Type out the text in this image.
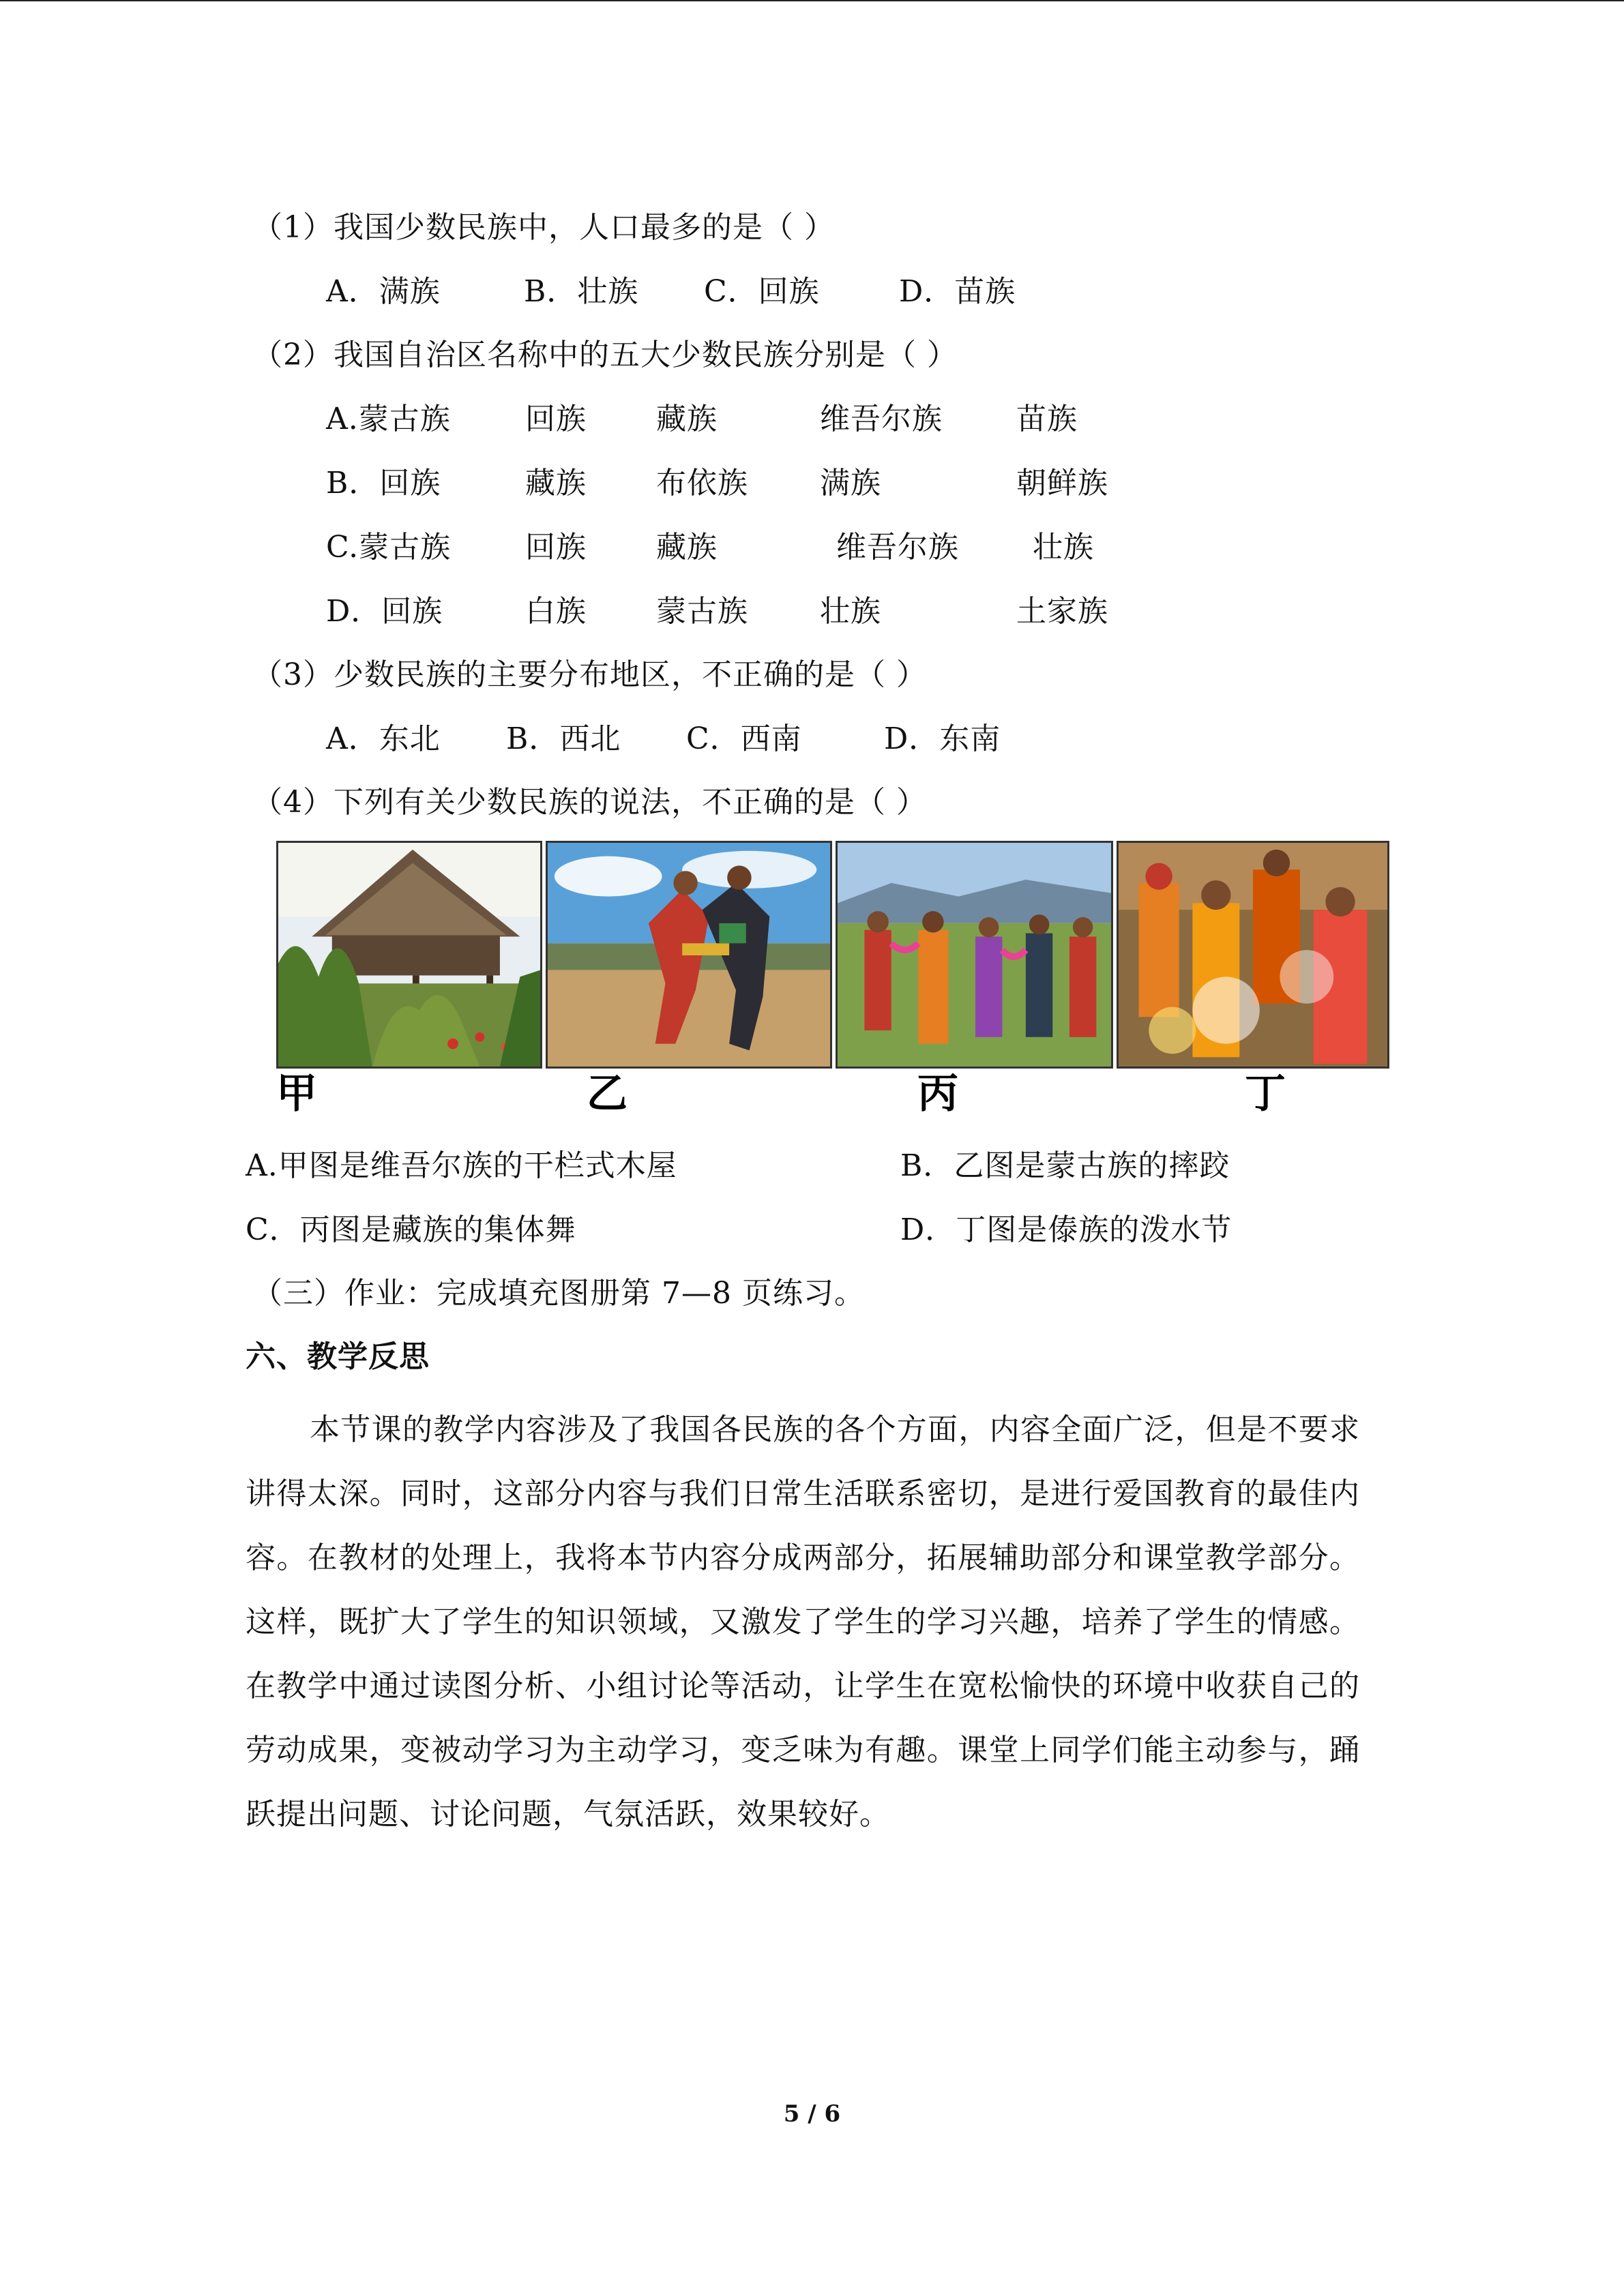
（1）我国少数民族中，人口最多的是（ ）
A．满族	B．壮族 C．回族	D．苗族
（2）我国自治区名称中的五大少数民族分别是（ ）
A.蒙古族 回族 藏族	维吾尔族 苗族
B．回族	藏族 布依族 满族	朝鲜族
C.蒙古族 回族 藏族	维吾尔族 壮族
D．回族	白族 蒙古族 壮族	土家族
（3）少数民族的主要分布地区，不正确的是（ ）
A．东北 B．西北 C．西南	D．东南
（4）下列有关少数民族的说法，不正确的是（ ）
甲	乙	丙	丁
A.甲图是维吾尔族的干栏式木屋	B．乙图是蒙古族的摔跤
C．丙图是藏族的集体舞	D．丁图是傣族的泼水节
（三）作业：完成填充图册第 7—8 页练习。
六、教学反思
本节课的教学内容涉及了我国各民族的各个方面，内容全面广泛，但是不要求讲得太深。同时，这部分内容与我们日常生活联系密切，是进行爱国教育的最佳内容。在教材的处理上，我将本节内容分成两部分，拓展辅助部分和课堂教学部分。这样，既扩大了学生的知识领域，又激发了学生的学习兴趣，培养了学生的情感。在教学中通过读图分析、小组讨论等活动，让学生在宽松愉快的环境中收获自己的劳动成果，变被动学习为主动学习，变乏味为有趣。课堂上同学们能主动参与，踊跃提出问题、讨论问题，气氛活跃，效果较好。
5 / 6
